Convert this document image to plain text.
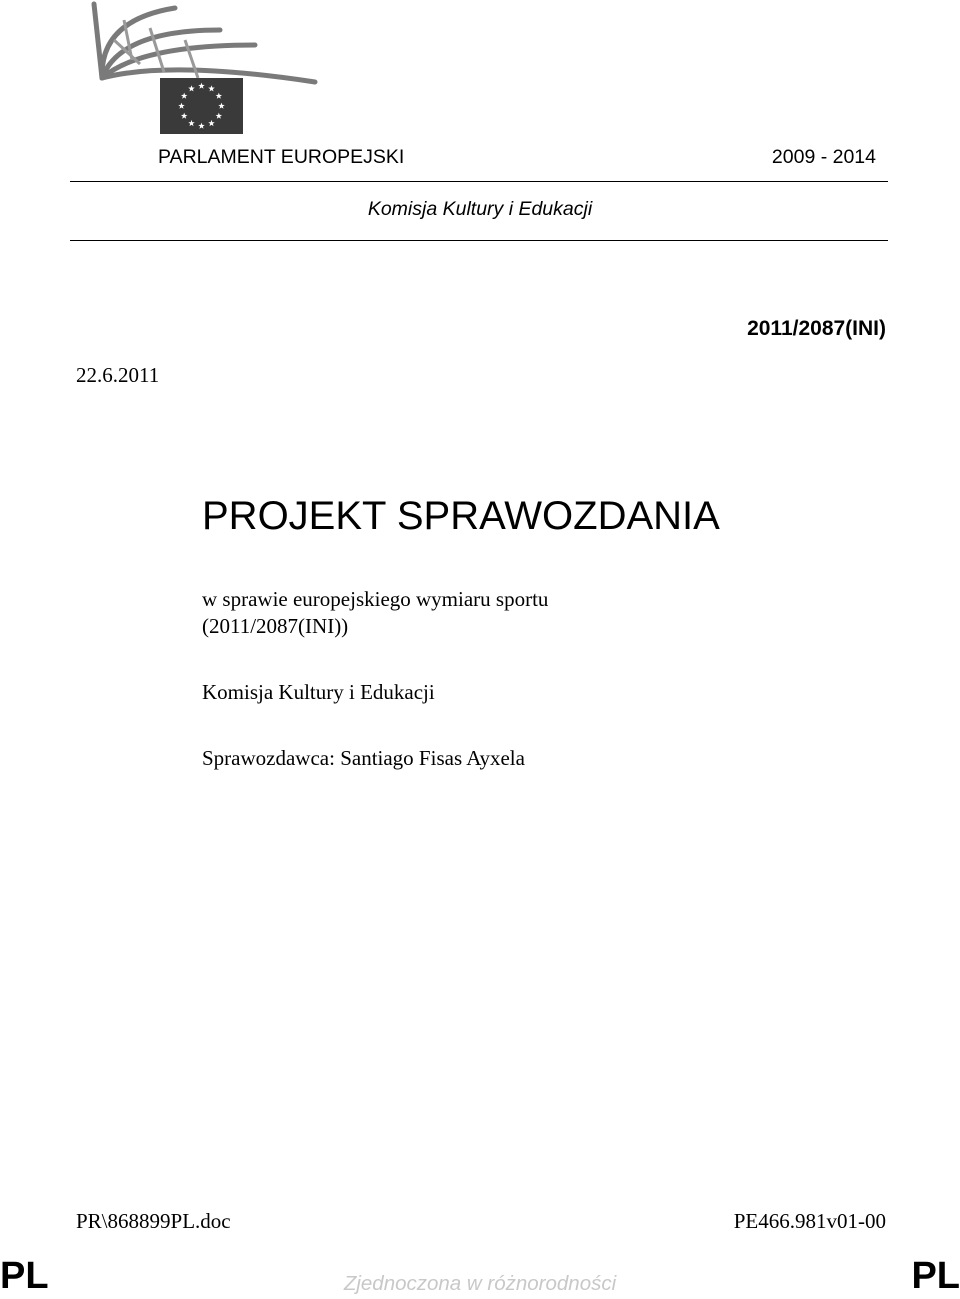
PARLAMENT EUROPEJSKI	2009 - 2014
Komisja Kultury i Edukacji
2011/2087(INI)
22.6.2011
PROJEKT SPRAWOZDANIA
w sprawie europejskiego wymiaru sportu
(2011/2087(INI))
Komisja Kultury i Edukacji
Sprawozdawca: Santiago Fisas Ayxela
PR\868899PL.doc	PE466.981v01-00
PL	PL
Zjednoczona w różnorodności
